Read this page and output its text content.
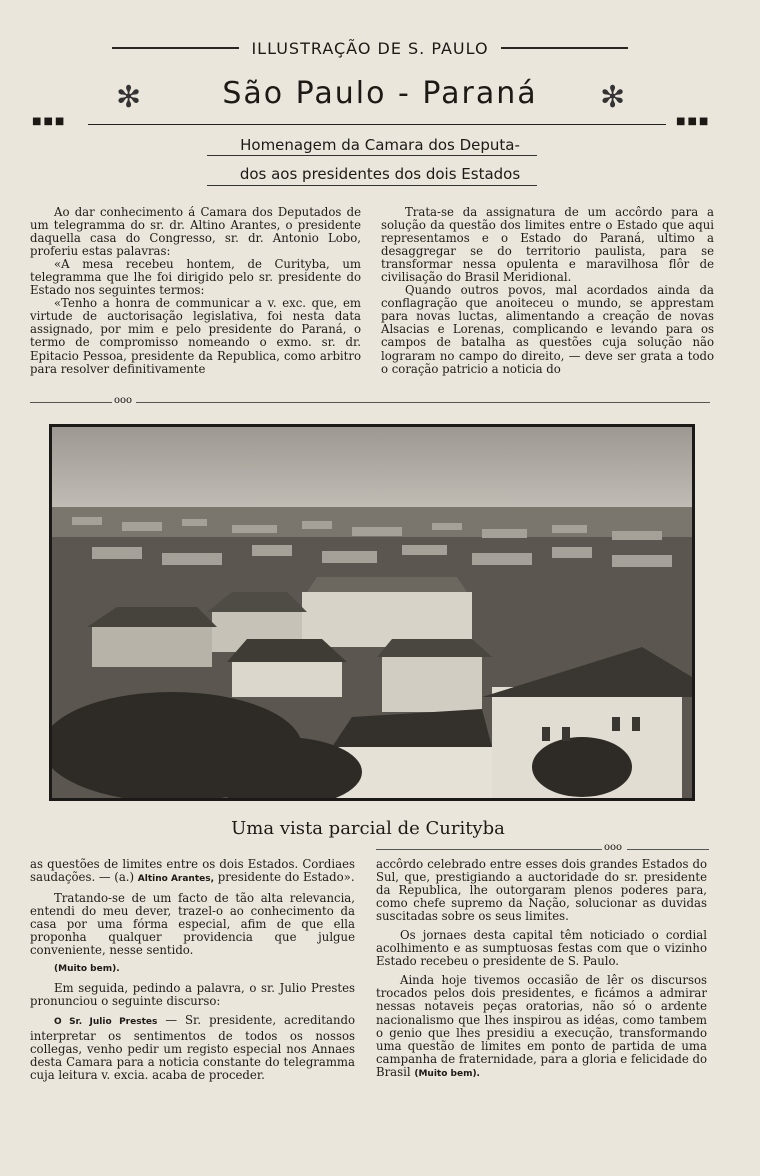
ILLUSTRAÇÃO DE S. PAULO
✻	✻
São Paulo - Paraná
■■■	■■■
Homenagem da Camara dos Deputa-
dos aos presidentes dos dois Estados

Ao dar conhecimento á Camara dos Deputados de um telegramma do sr. dr. Altino Arantes, o presidente daquella casa do Congresso, sr. dr. Antonio Lobo, proferiu estas palavras:

«A mesa recebeu hontem, de Curityba, um telegramma que lhe foi dirigido pelo sr. presidente do Estado nos seguintes termos:

«Tenho a honra de communicar a v. exc. que, em virtude de auctorisação legislativa, foi nesta data assignado, por mim e pelo presidente do Paraná, o termo de compromisso nomeando o exmo. sr. dr. Epitacio Pessoa, presidente da Republica, como arbitro para resolver definitivamente

Trata-se da assignatura de um accôrdo para a solução da questão dos limites entre o Estado que aqui representamos e o Estado do Paraná, ultimo a desaggregar se do territorio paulista, para se transformar nessa opulenta e maravilhosa flôr de civilisação do Brasil Meridional.

Quando outros povos, mal acordados ainda da conflagração que anoiteceu o mundo, se apprestam para novas luctas, alimentando a creação de novas Alsacias e Lorenas, complicando e levando para os campos de batalha as questões cuja solução não lograram no campo do direito, — deve ser grata a todo o coração patricio a noticia do

ooo
Uma vista parcial de Curityba
ooo

as questões de limites entre os dois Estados. Cordiaes saudações. — (a.) Altino Arantes, presidente do Estado».

Tratando-se de um facto de tão alta relevancia, entendi do meu dever, trazel-o ao conhecimento da casa por uma fórma especial, afim de que ella proponha qualquer providencia que julgue conveniente, nesse sentido.

(Muito bem).

Em seguida, pedindo a palavra, o sr. Julio Prestes pronunciou o seguinte discurso:

O Sr. Julio Prestes — Sr. presidente, acreditando interpretar os sentimentos de todos os nossos collegas, venho pedir um registo especial nos Annaes desta Camara para a noticia constante do telegramma cuja leitura v. excia. acaba de proceder.

accôrdo celebrado entre esses dois grandes Estados do Sul, que, prestigiando a auctoridade do sr. presidente da Republica, lhe outorgaram plenos poderes para, como chefe supremo da Nação, solucionar as duvidas suscitadas sobre os seus limites.

Os jornaes desta capital têm noticiado o cordial acolhimento e as sumptuosas festas com que o vizinho Estado recebeu o presidente de S. Paulo.

Ainda hoje tivemos occasião de lêr os discursos trocados pelos dois presidentes, e ficámos a admirar nessas notaveis peças oratorias, não só o ardente nacionalismo que lhes inspirou as idéas, como tambem o genio que lhes presidiu a execução, transformando uma questão de limites em ponto de partida de uma campanha de fraternidade, para a gloria e felicidade do Brasil (Muito bem).
